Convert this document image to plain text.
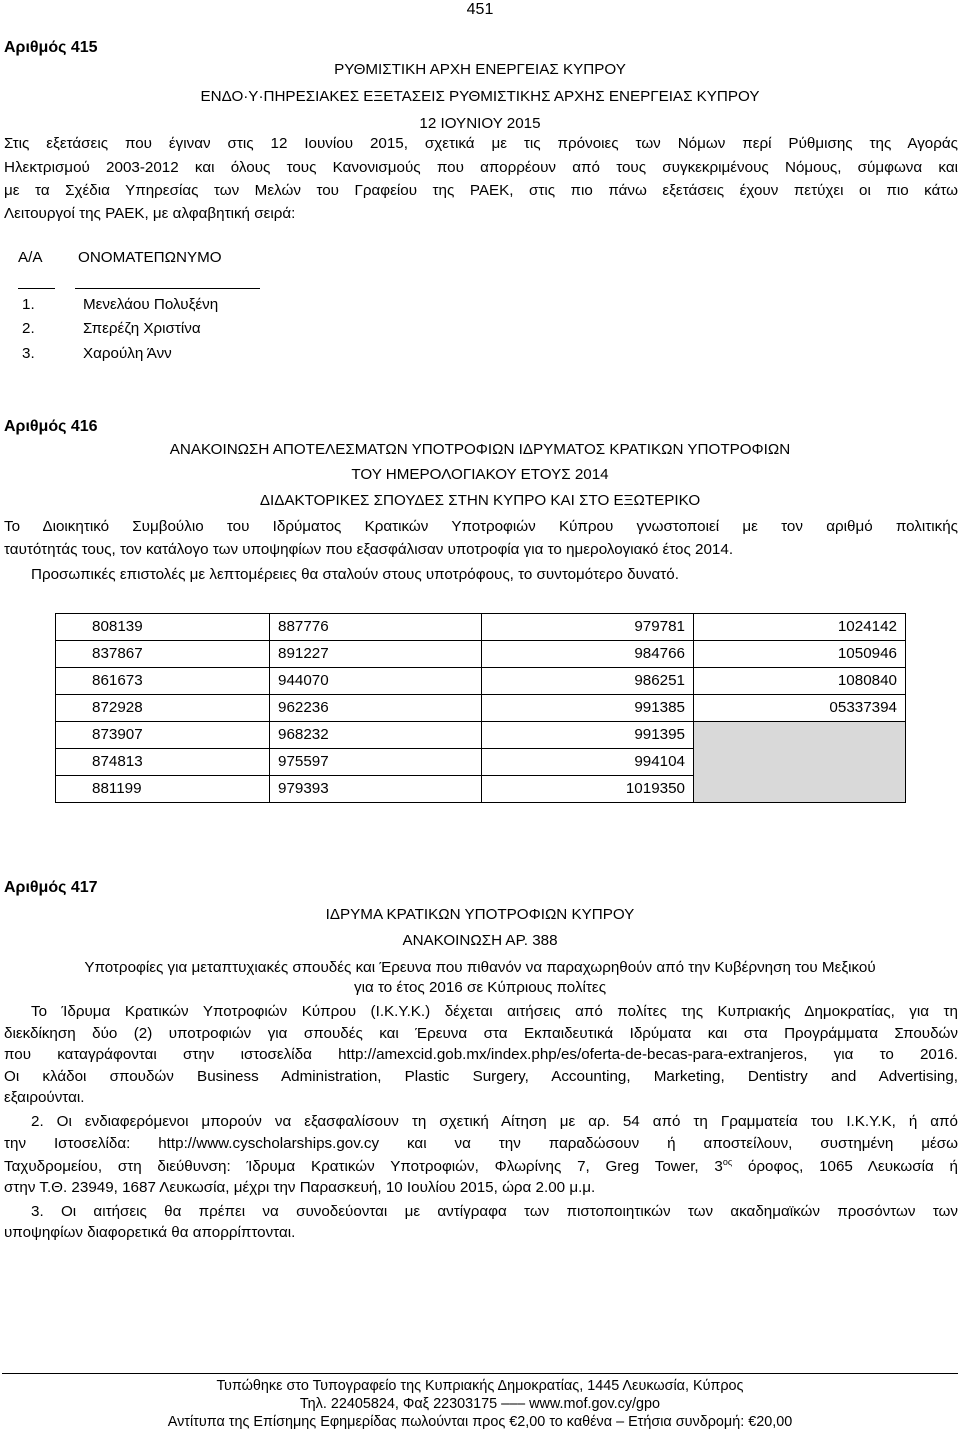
451
Αριθμός 415
ΡΥΘΜΙΣΤΙΚΗ ΑΡΧΗ ΕΝΕΡΓΕΙΑΣ ΚΥΠΡΟΥ
ΕΝΔΟ·Υ·ΠΗΡΕΣΙΑΚΕΣ ΕΞΕΤΑΣΕΙΣ ΡΥΘΜΙΣΤΙΚΗΣ ΑΡΧΗΣ ΕΝΕΡΓΕΙΑΣ ΚΥΠΡΟΥ
12 ΙΟΥΝΙΟΥ 2015
Στις εξετάσεις που έγιναν στις 12 Ιουνίου 2015, σχετικά με τις πρόνοιες των Νόμων περί Ρύθμισης της Αγοράς
Ηλεκτρισμού 2003-2012 και όλους τους Κανονισμούς που απορρέουν από τους συγκεκριμένους Νόμους, σύμφωνα και
με τα Σχέδια Υπηρεσίας των Μελών του Γραφείου της ΡΑΕΚ, στις πιο πάνω εξετάσεις έχουν πετύχει οι πιο κάτω
Λειτουργοί της ΡΑΕΚ, με αλφαβητική σειρά:
Α/Α ΟΝΟΜΑΤΕΠΩΝΥΜΟ
1.	Μενελάου Πολυξένη
2.	Σπερέζη Χριστίνα
3.	Χαρούλη Άνν
Αριθμός 416
ΑΝΑΚΟΙΝΩΣΗ ΑΠΟΤΕΛΕΣΜΑΤΩΝ ΥΠΟΤΡΟΦΙΩΝ ΙΔΡΥΜΑΤΟΣ ΚΡΑΤΙΚΩΝ ΥΠΟΤΡΟΦΙΩΝ
ΤΟΥ ΗΜΕΡΟΛΟΓΙΑΚΟΥ ΕΤΟΥΣ 2014
ΔΙΔΑΚΤΟΡΙΚΕΣ ΣΠΟΥΔΕΣ ΣΤΗΝ ΚΥΠΡΟ ΚΑΙ ΣΤΟ ΕΞΩΤΕΡΙΚΟ
Το Διοικητικό Συμβούλιο του Ιδρύματος Κρατικών Υποτροφιών Κύπρου γνωστοποιεί με τον αριθμό πολιτικής
ταυτότητάς τους, τον κατάλογο των υποψηφίων που εξασφάλισαν υποτροφία για το ημερολογιακό έτος 2014.
Προσωπικές επιστολές με λεπτομέρειες θα σταλούν στους υποτρόφους, το συντομότερο δυνατό.
808139	887776	979781	1024142
837867	891227	984766	1050946
861673	944070	986251	1080840
872928	962236	991385	05337394
873907	968232	991395	
874813	975597	994104	
881199	979393	1019350	
Αριθμός 417
ΙΔΡΥΜΑ ΚΡΑΤΙΚΩΝ ΥΠΟΤΡΟΦΙΩΝ ΚΥΠΡΟΥ
ΑΝΑΚΟΙΝΩΣΗ ΑΡ. 388
Υποτροφίες για μεταπτυχιακές σπουδές και Έρευνα που πιθανόν να παραχωρηθούν από την Κυβέρνηση του Μεξικού
για το έτος 2016 σε Κύπριους πολίτες
Το Ίδρυμα Κρατικών Υποτροφιών Κύπρου (Ι.Κ.Υ.Κ.) δέχεται αιτήσεις από πολίτες της Κυπριακής Δημοκρατίας, για τη
διεκδίκηση δύο (2) υποτροφιών για σπουδές και Έρευνα στα Εκπαιδευτικά Ιδρύματα και στα Προγράμματα Σπουδών
που καταγράφονται στην ιστοσελίδα http://amexcid.gob.mx/index.php/es/oferta-de-becas-para-extranjeros, για το 2016.
Οι κλάδοι σπουδών Business Administration, Plastic Surgery, Accounting, Marketing, Dentistry and Advertising,
εξαιρούνται.
2. Οι ενδιαφερόμενοι μπορούν να εξασφαλίσουν τη σχετική Αίτηση με αρ. 54 από τη Γραμματεία του Ι.Κ.Υ.Κ, ή από
την Ιστοσελίδα: http://www.cyscholarships.gov.cy και να την παραδώσουν ή αποστείλουν, συστημένη μέσω
Ταχυδρομείου, στη διεύθυνση: Ίδρυμα Κρατικών Υποτροφιών, Φλωρίνης 7, Greg Tower, $3^{o\varsigma}$ όροφος, 1065 Λευκωσία ή
στην Τ.Θ. 23949, 1687 Λευκωσία, μέχρι την Παρασκευή, 10 Ιουλίου 2015, ώρα 2.00 μ.μ.
3. Οι αιτήσεις θα πρέπει να συνοδεύονται με αντίγραφα των πιστοποιητικών των ακαδημαϊκών προσόντων των
υποψηφίων διαφορετικά θα απορρίπτονται.
Τυπώθηκε στο Τυπογραφείο της Κυπριακής Δημοκρατίας, 1445 Λευκωσία, Κύπρος
Τηλ. 22405824, Φαξ 22303175 ––– www.mof.gov.cy/gpo
Αντίτυπα της Επίσημης Εφημερίδας πωλούνται προς €2,00 το καθένα – Ετήσια συνδρομή: €20,00
